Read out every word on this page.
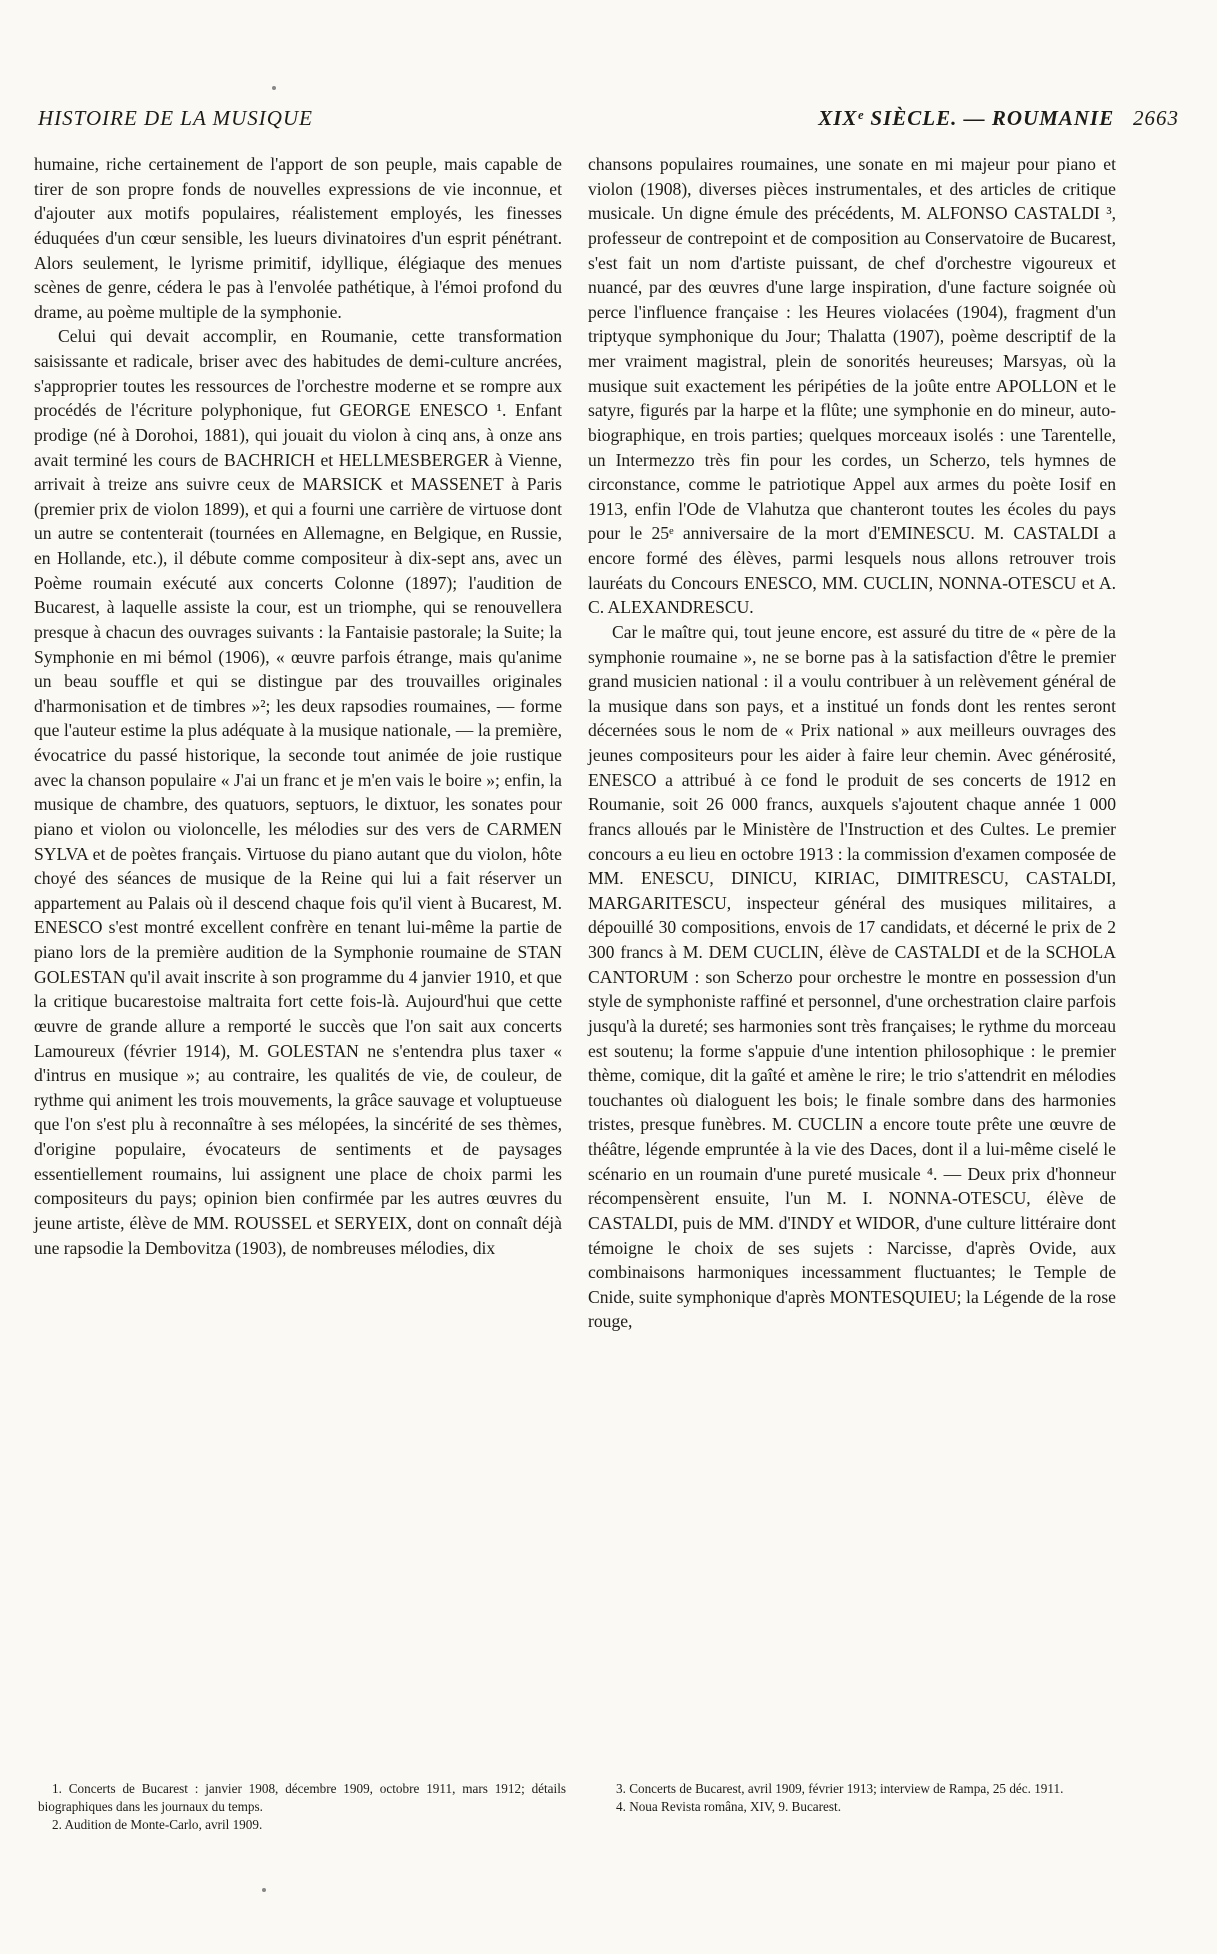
HISTOIRE DE LA MUSIQUE	XIXᵉ SIÈCLE. — ROUMANIE 2663

humaine, riche certainement de l'apport de son peuple, mais capable de tirer de son propre fonds de nouvelles expressions de vie inconnue, et d'ajouter aux motifs populaires, réalistement employés, les finesses éduquées d'un cœur sensible, les lueurs divinatoires d'un esprit pénétrant. Alors seulement, le lyrisme primitif, idyllique, élégiaque des menues scènes de genre, cédera le pas à l'envolée pathétique, à l'émoi profond du drame, au poème multiple de la symphonie.

Celui qui devait accomplir, en Roumanie, cette transformation saisissante et radicale, briser avec des habitudes de demi-culture ancrées, s'approprier toutes les ressources de l'orchestre moderne et se rompre aux procédés de l'écriture polyphonique, fut GEORGE ENESCO ¹. Enfant prodige (né à Dorohoi, 1881), qui jouait du violon à cinq ans, à onze ans avait terminé les cours de BACHRICH et HELLMESBERGER à Vienne, arrivait à treize ans suivre ceux de MARSICK et MASSENET à Paris (premier prix de violon 1899), et qui a fourni une carrière de virtuose dont un autre se contenterait (tournées en Allemagne, en Belgique, en Russie, en Hollande, etc.), il débute comme compositeur à dix-sept ans, avec un Poème roumain exécuté aux concerts Colonne (1897); l'audition de Bucarest, à laquelle assiste la cour, est un triomphe, qui se renouvellera presque à chacun des ouvrages suivants : la Fantaisie pastorale; la Suite; la Symphonie en mi bémol (1906), « œuvre parfois étrange, mais qu'anime un beau souffle et qui se distingue par des trouvailles originales d'harmonisation et de timbres »²; les deux rapsodies roumaines, — forme que l'auteur estime la plus adéquate à la musique nationale, — la première, évocatrice du passé historique, la seconde tout animée de joie rustique avec la chanson populaire « J'ai un franc et je m'en vais le boire »; enfin, la musique de chambre, des quatuors, septuors, le dixtuor, les sonates pour piano et violon ou violoncelle, les mélodies sur des vers de CARMEN SYLVA et de poètes français. Virtuose du piano autant que du violon, hôte choyé des séances de musique de la Reine qui lui a fait réserver un appartement au Palais où il descend chaque fois qu'il vient à Bucarest, M. ENESCO s'est montré excellent confrère en tenant lui-même la partie de piano lors de la première audition de la Symphonie roumaine de STAN GOLESTAN qu'il avait inscrite à son programme du 4 janvier 1910, et que la critique bucarestoise maltraita fort cette fois-là. Aujourd'hui que cette œuvre de grande allure a remporté le succès que l'on sait aux concerts Lamoureux (février 1914), M. GOLESTAN ne s'entendra plus taxer « d'intrus en musique »; au contraire, les qualités de vie, de couleur, de rythme qui animent les trois mouvements, la grâce sauvage et voluptueuse que l'on s'est plu à reconnaître à ses mélopées, la sincérité de ses thèmes, d'origine populaire, évocateurs de sentiments et de paysages essentiellement roumains, lui assignent une place de choix parmi les compositeurs du pays; opinion bien confirmée par les autres œuvres du jeune artiste, élève de MM. ROUSSEL et SERYEIX, dont on connaît déjà une rapsodie la Dembovitza (1903), de nombreuses mélodies, dix

chansons populaires roumaines, une sonate en mi majeur pour piano et violon (1908), diverses pièces instrumentales, et des articles de critique musicale. Un digne émule des précédents, M. ALFONSO CASTALDI ³, professeur de contrepoint et de composition au Conservatoire de Bucarest, s'est fait un nom d'artiste puissant, de chef d'orchestre vigoureux et nuancé, par des œuvres d'une large inspiration, d'une facture soignée où perce l'influence française : les Heures violacées (1904), fragment d'un triptyque symphonique du Jour; Thalatta (1907), poème descriptif de la mer vraiment magistral, plein de sonorités heureuses; Marsyas, où la musique suit exactement les péripéties de la joûte entre APOLLON et le satyre, figurés par la harpe et la flûte; une symphonie en do mineur, auto-biographique, en trois parties; quelques morceaux isolés : une Tarentelle, un Intermezzo très fin pour les cordes, un Scherzo, tels hymnes de circonstance, comme le patriotique Appel aux armes du poète Iosif en 1913, enfin l'Ode de Vlahutza que chanteront toutes les écoles du pays pour le 25ᵉ anniversaire de la mort d'EMINESCU. M. CASTALDI a encore formé des élèves, parmi lesquels nous allons retrouver trois lauréats du Concours ENESCO, MM. CUCLIN, NONNA-OTESCU et A. C. ALEXANDRESCU.

Car le maître qui, tout jeune encore, est assuré du titre de « père de la symphonie roumaine », ne se borne pas à la satisfaction d'être le premier grand musicien national : il a voulu contribuer à un relèvement général de la musique dans son pays, et a institué un fonds dont les rentes seront décernées sous le nom de « Prix national » aux meilleurs ouvrages des jeunes compositeurs pour les aider à faire leur chemin. Avec générosité, ENESCO a attribué à ce fond le produit de ses concerts de 1912 en Roumanie, soit 26 000 francs, auxquels s'ajoutent chaque année 1 000 francs alloués par le Ministère de l'Instruction et des Cultes. Le premier concours a eu lieu en octobre 1913 : la commission d'examen composée de MM. ENESCU, DINICU, KIRIAC, DIMITRESCU, CASTALDI, MARGARITESCU, inspecteur général des musiques militaires, a dépouillé 30 compositions, envois de 17 candidats, et décerné le prix de 2 300 francs à M. DEM CUCLIN, élève de CASTALDI et de la SCHOLA CANTORUM : son Scherzo pour orchestre le montre en possession d'un style de symphoniste raffiné et personnel, d'une orchestration claire parfois jusqu'à la dureté; ses harmonies sont très françaises; le rythme du morceau est soutenu; la forme s'appuie d'une intention philosophique : le premier thème, comique, dit la gaîté et amène le rire; le trio s'attendrit en mélodies touchantes où dialoguent les bois; le finale sombre dans des harmonies tristes, presque funèbres. M. CUCLIN a encore toute prête une œuvre de théâtre, légende empruntée à la vie des Daces, dont il a lui-même ciselé le scénario en un roumain d'une pureté musicale ⁴. — Deux prix d'honneur récompensèrent ensuite, l'un M. I. NONNA-OTESCU, élève de CASTALDI, puis de MM. d'INDY et WIDOR, d'une culture littéraire dont témoigne le choix de ses sujets : Narcisse, d'après Ovide, aux combinaisons harmoniques incessamment fluctuantes; le Temple de Cnide, suite symphonique d'après MONTESQUIEU; la Légende de la rose rouge,

1. Concerts de Bucarest : janvier 1908, décembre 1909, octobre 1911, mars 1912; détails biographiques dans les journaux du temps.
2. Audition de Monte-Carlo, avril 1909.
3. Concerts de Bucarest, avril 1909, février 1913; interview de Rampa, 25 déc. 1911.
4. Noua Revista româna, XIV, 9. Bucarest.
